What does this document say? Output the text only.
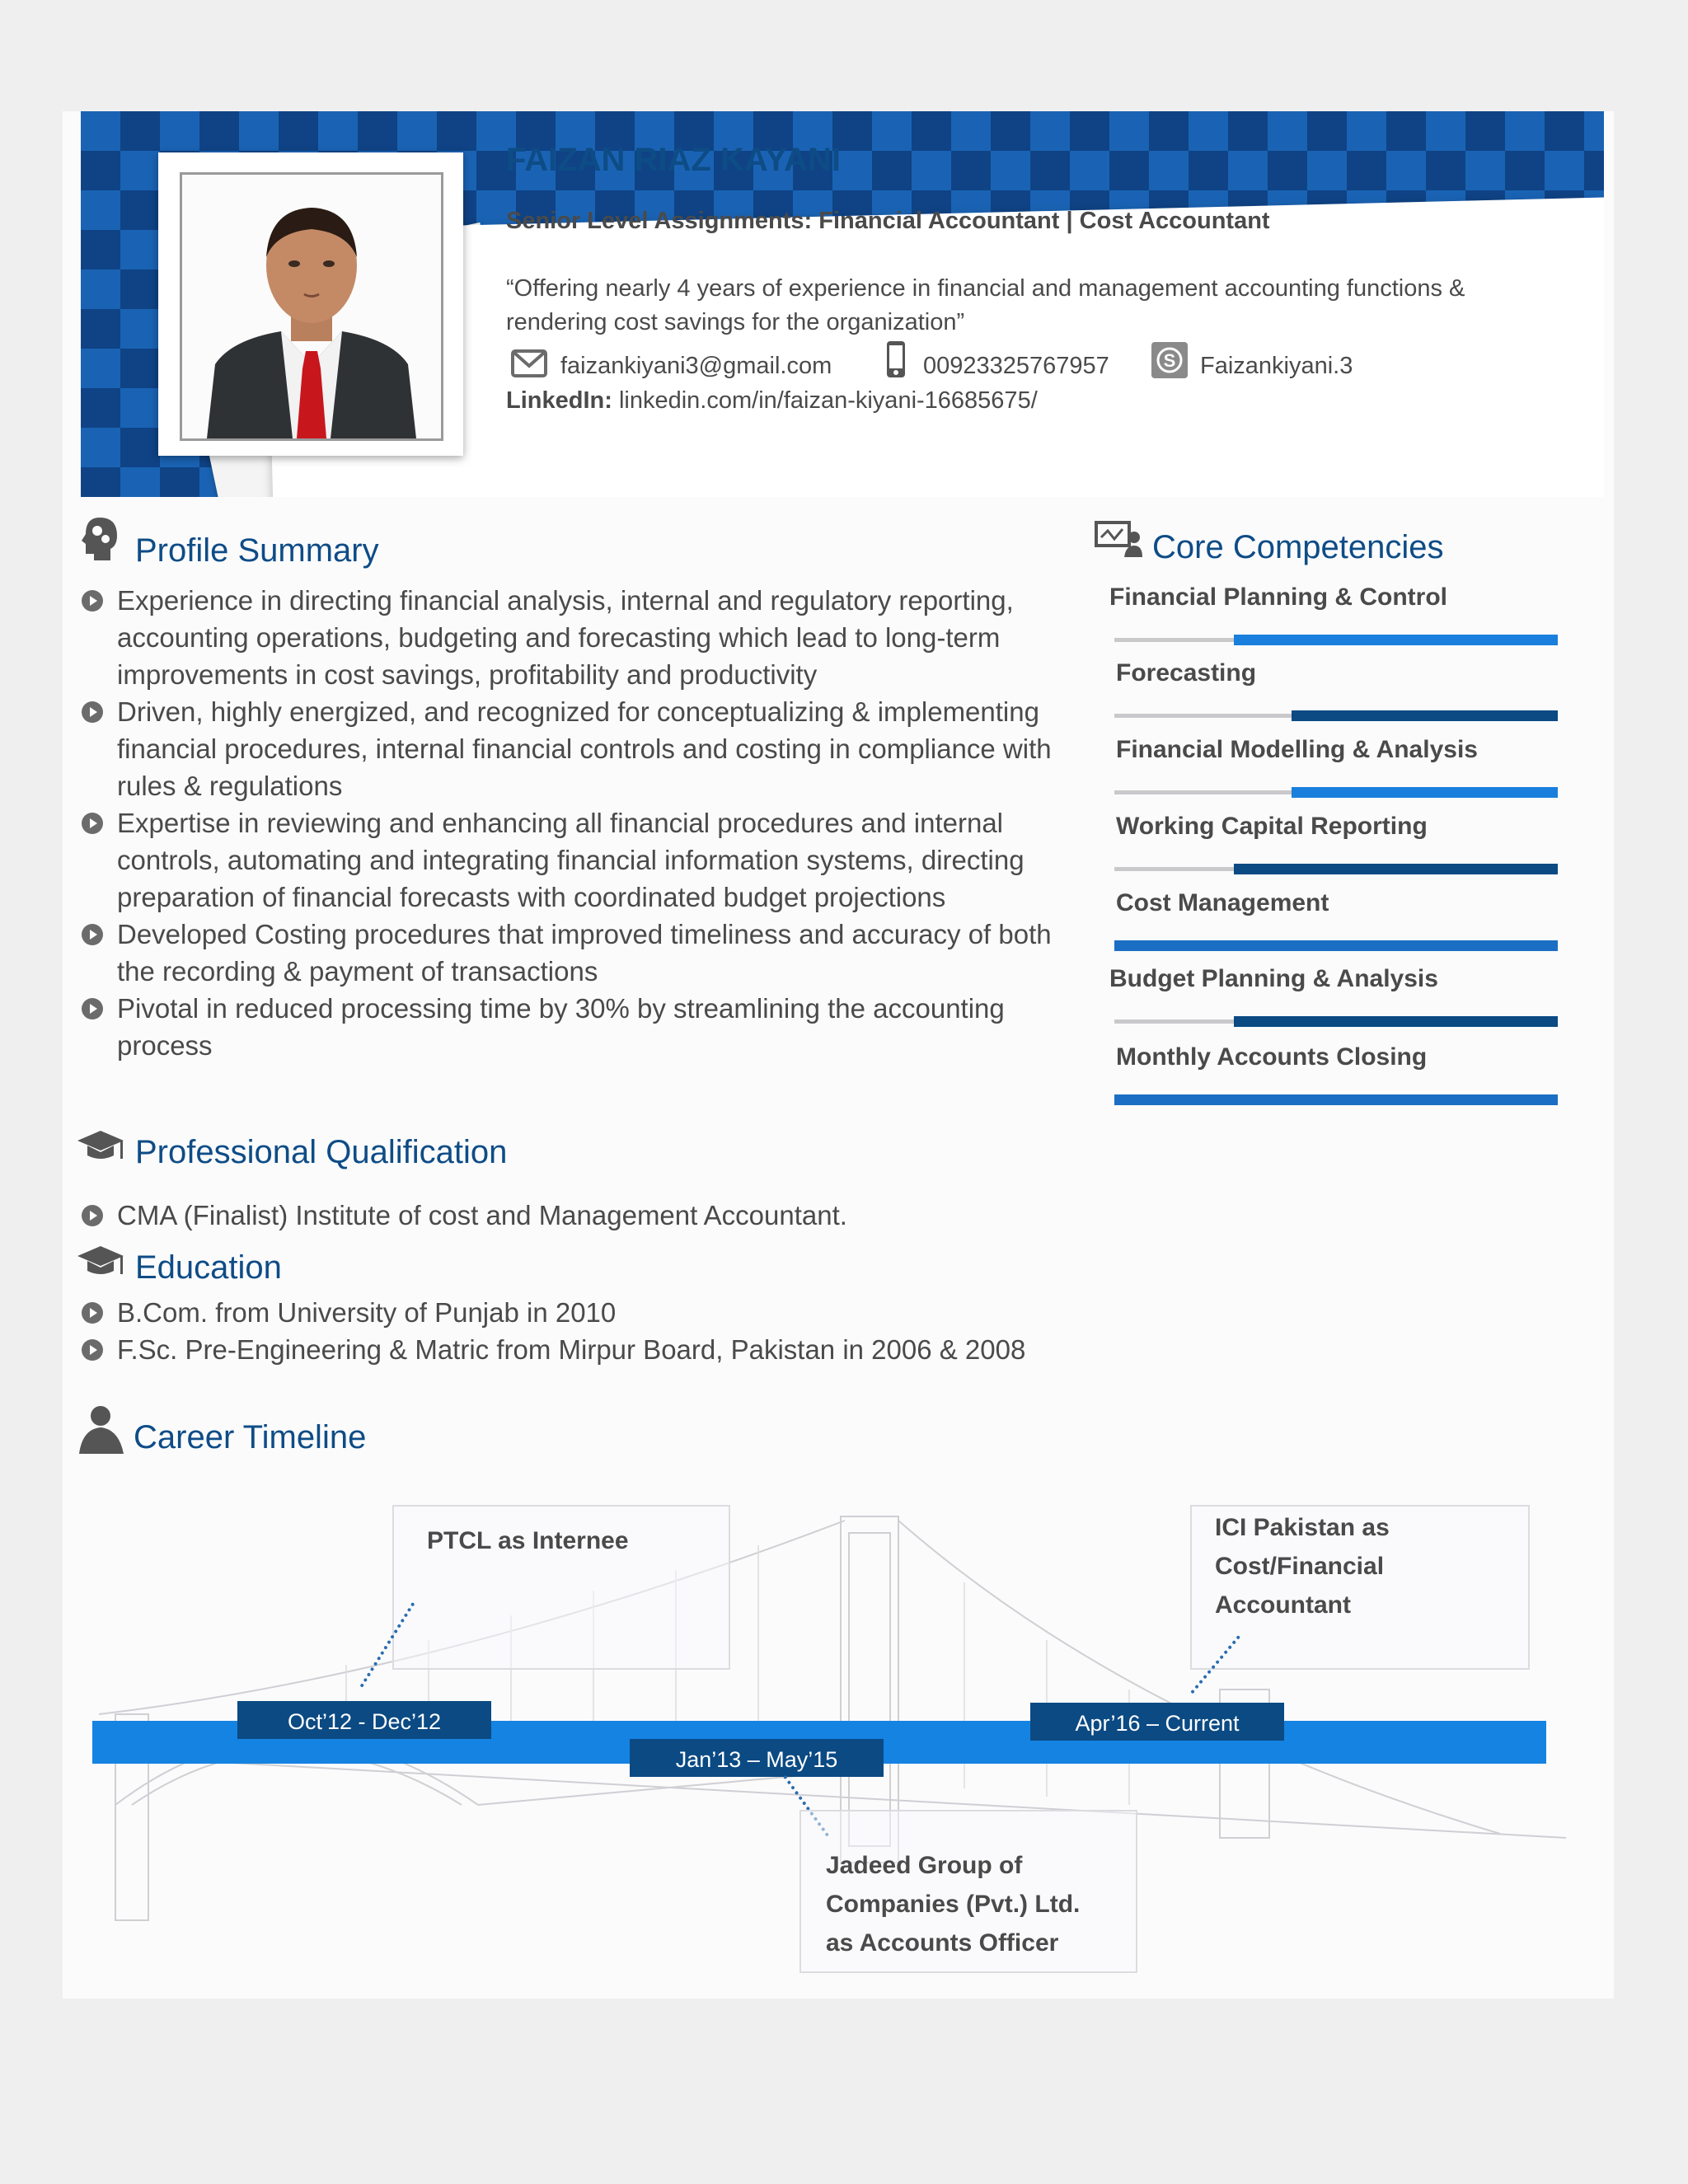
FAIZAN RIAZ KAYANI
Senior Level Assignments: Financial Accountant | Cost Accountant
“Offering nearly 4 years of experience in financial and management accounting functions & rendering cost savings for the organization”
faizankiyani3@gmail.com	00923325767957	S Faizankiyani.3
LinkedIn: linkedin.com/in/faizan-kiyani-16685675/
Profile Summary
Experience in directing financial analysis, internal and regulatory reporting, accounting operations, budgeting and forecasting which lead to long-term improvements in cost savings, profitability and productivity
Driven, highly energized, and recognized for conceptualizing & implementing financial procedures, internal financial controls and costing in compliance with rules & regulations
Expertise in reviewing and enhancing all financial procedures and internal controls, automating and integrating financial information systems, directing preparation of financial forecasts with coordinated budget projections
Developed Costing procedures that improved timeliness and accuracy of both the recording & payment of transactions
Pivotal in reduced processing time by 30% by streamlining the accounting process
Core Competencies
Financial Planning & Control
Forecasting
Financial Modelling & Analysis
Working Capital Reporting
Cost Management
Budget Planning & Analysis
Monthly Accounts Closing
Professional Qualification
CMA (Finalist) Institute of cost and Management Accountant.
Education
B.Com. from University of Punjab in 2010
F.Sc. Pre-Engineering & Matric from Mirpur Board, Pakistan in 2006 & 2008
Career Timeline
PTCL as Internee
Oct’12 - Dec’12
Jan’13 – May’15
Jadeed Group of Companies (Pvt.) Ltd. as Accounts Officer
ICI Pakistan as Cost/Financial Accountant
Apr’16 – Current
